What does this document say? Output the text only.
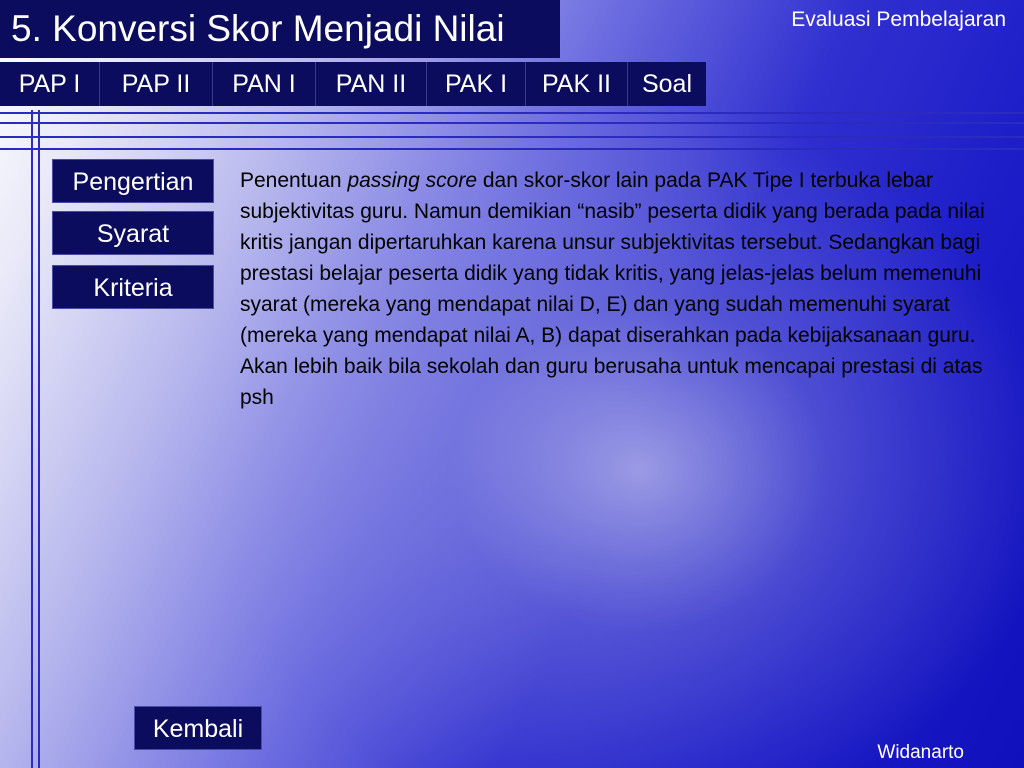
5. Konversi Skor Menjadi Nilai	Evaluasi Pembelajaran
PAP I	PAP II	PAN I	PAN II	PAK I	PAK II	Soal
Pengertian
Syarat
Kriteria
Penentuan passing score dan skor-skor lain pada PAK Tipe I terbuka lebar subjektivitas guru. Namun demikian “nasib” peserta didik yang berada pada nilai kritis jangan dipertaruhkan karena unsur subjektivitas tersebut. Sedangkan bagi prestasi belajar peserta didik yang tidak kritis, yang jelas-jelas belum memenuhi syarat (mereka yang mendapat nilai D, E) dan yang sudah memenuhi syarat (mereka yang mendapat nilai A, B) dapat diserahkan pada kebijaksanaan guru. Akan lebih baik bila sekolah dan guru berusaha untuk mencapai prestasi di atas psh
Kembali
Widanarto
